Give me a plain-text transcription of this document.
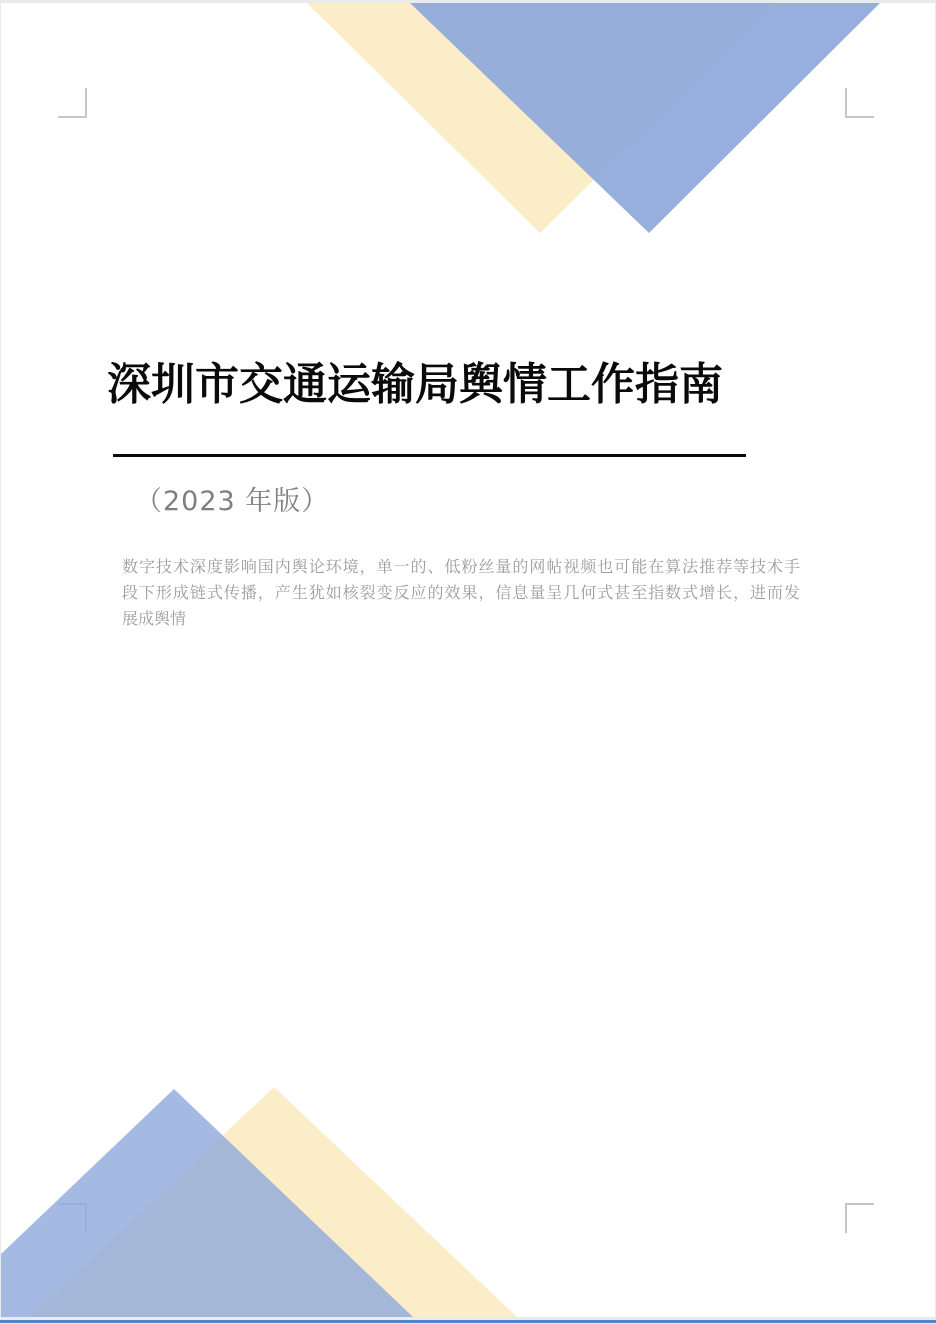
深圳市交通运输局舆情工作指南
（2023 年版）
数字技术深度影响国内舆论环境，单一的、低粉丝量的网帖视频也可能在算法推荐等技术手
段下形成链式传播，产生犹如核裂变反应的效果，信息量呈几何式甚至指数式增长，进而发
展成舆情
